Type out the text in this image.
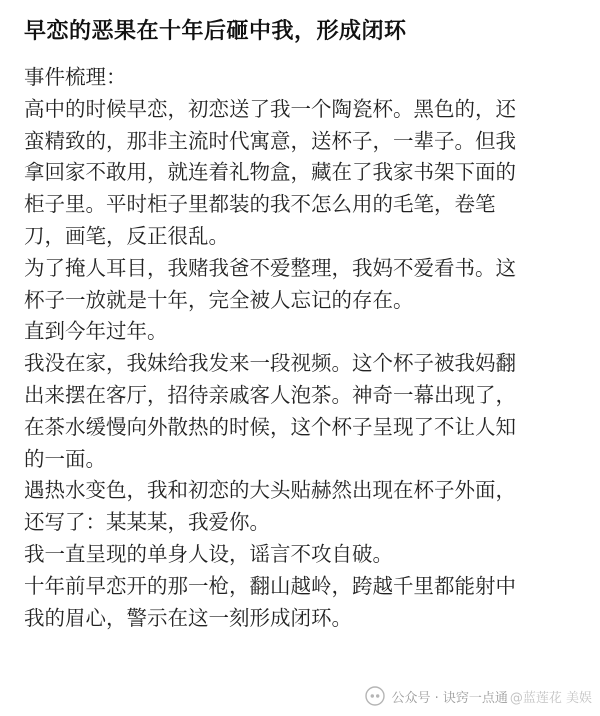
早恋的恶果在十年后砸中我，形成闭环
事件梳理：
高中的时候早恋，初恋送了我一个陶瓷杯。黑色的，还
蛮精致的，那非主流时代寓意，送杯子，一辈子。但我
拿回家不敢用，就连着礼物盒，藏在了我家书架下面的
柜子里。平时柜子里都装的我不怎么用的毛笔，卷笔
刀，画笔，反正很乱。
为了掩人耳目，我赌我爸不爱整理，我妈不爱看书。这
杯子一放就是十年，完全被人忘记的存在。
直到今年过年。
我没在家，我妹给我发来一段视频。这个杯子被我妈翻
出来摆在客厅，招待亲戚客人泡茶。神奇一幕出现了，
在茶水缓慢向外散热的时候，这个杯子呈现了不让人知
的一面。
遇热水变色，我和初恋的大头贴赫然出现在杯子外面，
还写了：某某某，我爱你。
我一直呈现的单身人设，谣言不攻自破。
十年前早恋开的那一枪，翻山越岭，跨越千里都能射中
我的眉心，警示在这一刻形成闭环。
公众号 · 诀窍一点通 @蓝莲花 美娱
